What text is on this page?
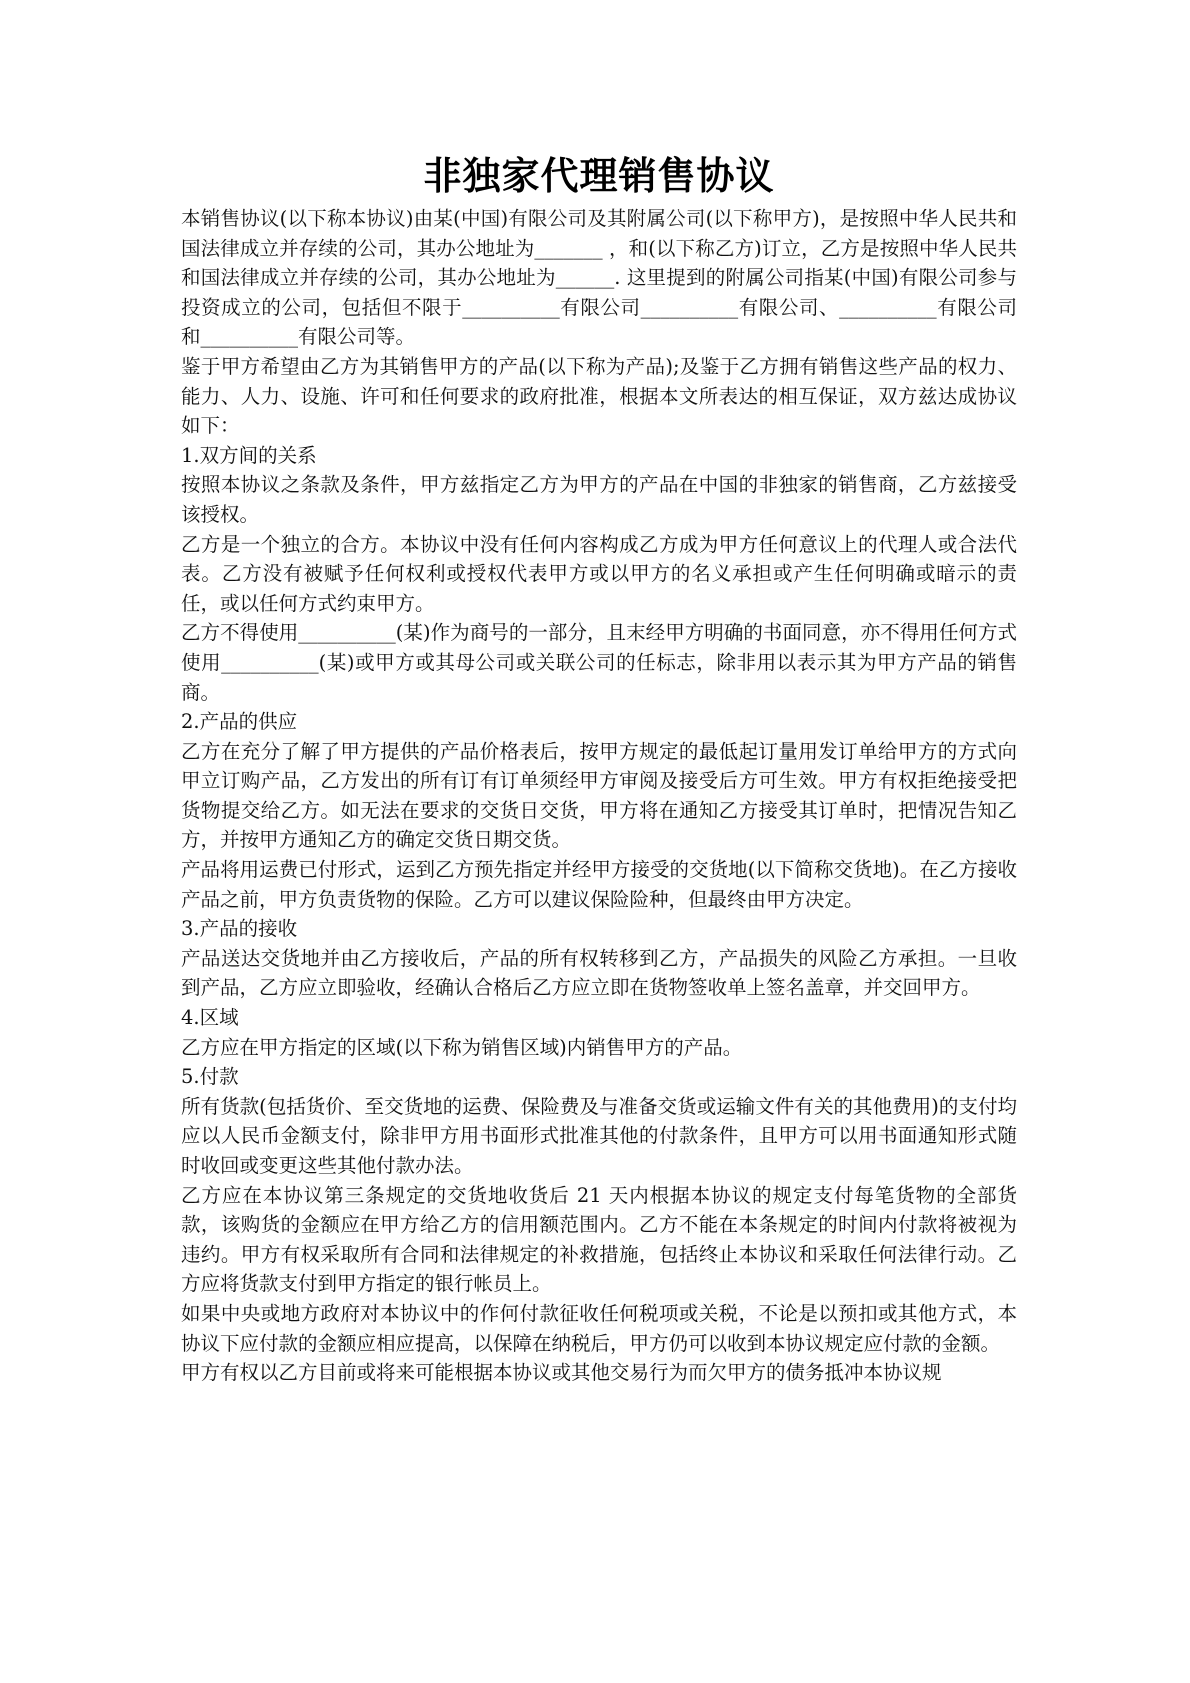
非独家代理销售协议

本销售协议(以下称本协议)由某(中国)有限公司及其附属公司(以下称甲方)，是按照中华人民共和国法律成立并存续的公司，其办公地址为_______ ，和(以下称乙方)订立，乙方是按照中华人民共和国法律成立并存续的公司，其办公地址为______. 这里提到的附属公司指某(中国)有限公司参与投资成立的公司，包括但不限于__________有限公司__________有限公司、__________有限公司和__________有限公司等。

鉴于甲方希望由乙方为其销售甲方的产品(以下称为产品);及鉴于乙方拥有销售这些产品的权力、能力、人力、设施、许可和任何要求的政府批准，根据本文所表达的相互保证，双方兹达成协议如下：

1.双方间的关系

按照本协议之条款及条件，甲方兹指定乙方为甲方的产品在中国的非独家的销售商，乙方兹接受该授权。

乙方是一个独立的合方。本协议中没有任何内容构成乙方成为甲方任何意议上的代理人或合法代表。乙方没有被赋予任何权利或授权代表甲方或以甲方的名义承担或产生任何明确或暗示的责任，或以任何方式约束甲方。

乙方不得使用__________(某)作为商号的一部分，且末经甲方明确的书面同意，亦不得用任何方式使用__________(某)或甲方或其母公司或关联公司的任标志，除非用以表示其为甲方产品的销售商。

2.产品的供应

乙方在充分了解了甲方提供的产品价格表后，按甲方规定的最低起订量用发订单给甲方的方式向甲立订购产品，乙方发出的所有订有订单须经甲方审阅及接受后方可生效。甲方有权拒绝接受把货物提交给乙方。如无法在要求的交货日交货，甲方将在通知乙方接受其订单时，把情况告知乙方，并按甲方通知乙方的确定交货日期交货。

产品将用运费已付形式，运到乙方预先指定并经甲方接受的交货地(以下简称交货地)。在乙方接收产品之前，甲方负责货物的保险。乙方可以建议保险险种，但最终由甲方决定。

3.产品的接收

产品送达交货地并由乙方接收后，产品的所有权转移到乙方，产品损失的风险乙方承担。一旦收到产品，乙方应立即验收，经确认合格后乙方应立即在货物签收单上签名盖章，并交回甲方。

4.区域

乙方应在甲方指定的区域(以下称为销售区域)内销售甲方的产品。

5.付款

所有货款(包括货价、至交货地的运费、保险费及与准备交货或运输文件有关的其他费用)的支付均应以人民币金额支付，除非甲方用书面形式批准其他的付款条件，且甲方可以用书面通知形式随时收回或变更这些其他付款办法。

乙方应在本协议第三条规定的交货地收货后 21 天内根据本协议的规定支付每笔货物的全部货款，该购货的金额应在甲方给乙方的信用额范围内。乙方不能在本条规定的时间内付款将被视为违约。甲方有权采取所有合同和法律规定的补救措施，包括终止本协议和采取任何法律行动。乙方应将货款支付到甲方指定的银行帐员上。

如果中央或地方政府对本协议中的作何付款征收任何税项或关税，不论是以预扣或其他方式，本协议下应付款的金额应相应提高，以保障在纳税后，甲方仍可以收到本协议规定应付款的金额。

甲方有权以乙方目前或将来可能根据本协议或其他交易行为而欠甲方的债务抵冲本协议规
